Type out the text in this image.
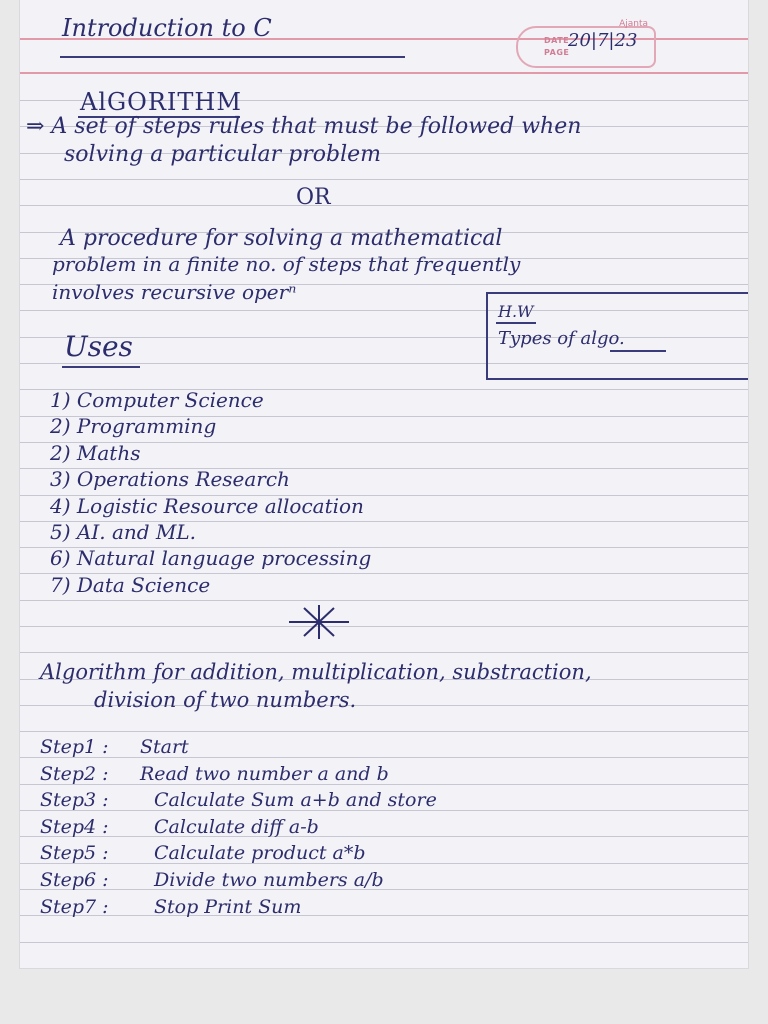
Introduction to C	Ajanta
DATE
PAGE
20|7|23
AlGORITHM
⇒ A set of steps rules that must be followed when
solving a particular problem
OR
A procedure for solving a mathematical
problem in a finite no. of steps that frequently
involves recursive operⁿ
H.W
Types of algo.
Uses
1) Computer Science
2) Programming
2) Maths
3) Operations Research
4) Logistic Resource allocation
5) AI. and ML.
6) Natural language processing
7) Data Science
Algorithm for addition, multiplication, substraction,
division of two numbers.
Step1 : Start
Step2 : Read two number a and b
Step3 : Calculate Sum a+b and store
Step4 : Calculate diff a-b
Step5 : Calculate product a*b
Step6 : Divide two numbers a/b
Step7 : Stop Print Sum
